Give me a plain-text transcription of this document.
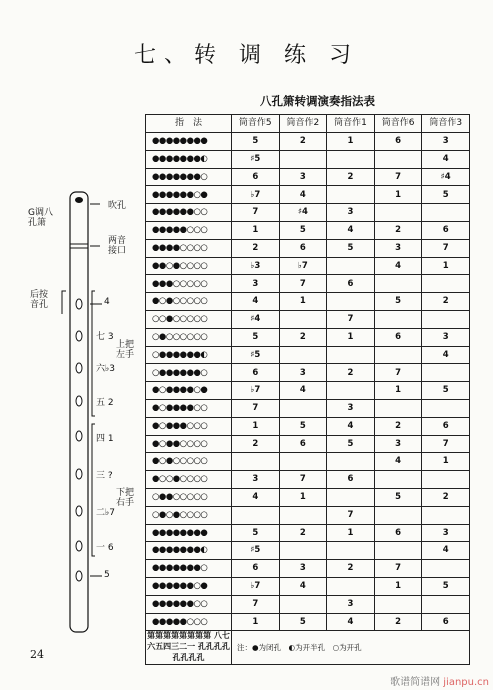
七、转 调 练 习
八孔箫转调演奏指法表
G调八
孔箫
吹孔
两音
接口
后按
音孔
上把
左手
下把
右手
4
七 3
六♭3
五 2
四 1
三 ?
二♭7
一 6
5
指　法	筒音作5	筒音作2	筒音作1	筒音作6	筒音作3
●●●●●●●●	5	2	1	6	3
●●●●●●●◐	♯5				4
●●●●●●●○	6	3	2	7	♯4
●●●●●●○●	♭7	4		1	5
●●●●●●○○	7	♯4	3		
●●●●●○○○	1	5	4	2	6
●●●●○○○○	2	6	5	3	7
●●○●○○○○	♭3	♭7		4	1
●●●○○○○○	3	7	6		
●○●○○○○○	4	1		5	2
○○●○○○○○	♯4		7		
○●○○○○○○	5	2	1	6	3
○●●●●●●◐	♯5				4
○●●●●●●○	6	3	2	7	
●○●●●●○●	♭7	4		1	5
●○●●●●○○	7		3		
●○●●●○○○	1	5	4	2	6
●○●●○○○○	2	6	5	3	7
●○●○○○○○				4	1
●○○●○○○○	3	7	6		
○●●○○○○○	4	1		5	2
○●○●○○○○			7		
●●●●●●●●	5	2	1	6	3
●●●●●●●◐	♯5				4
●●●●●●●○	6	3	2	7	
●●●●●●○●	♭7	4		1	5
●●●●●●○○	7		3		
●●●●●○○○	1	5	4	2	6
第第第第第第第第 八七六五四三二一 孔孔孔孔孔孔孔孔	注：●为闭孔　◐为开半孔　○为开孔				
24
歌谱简谱网 jianpu.cn
